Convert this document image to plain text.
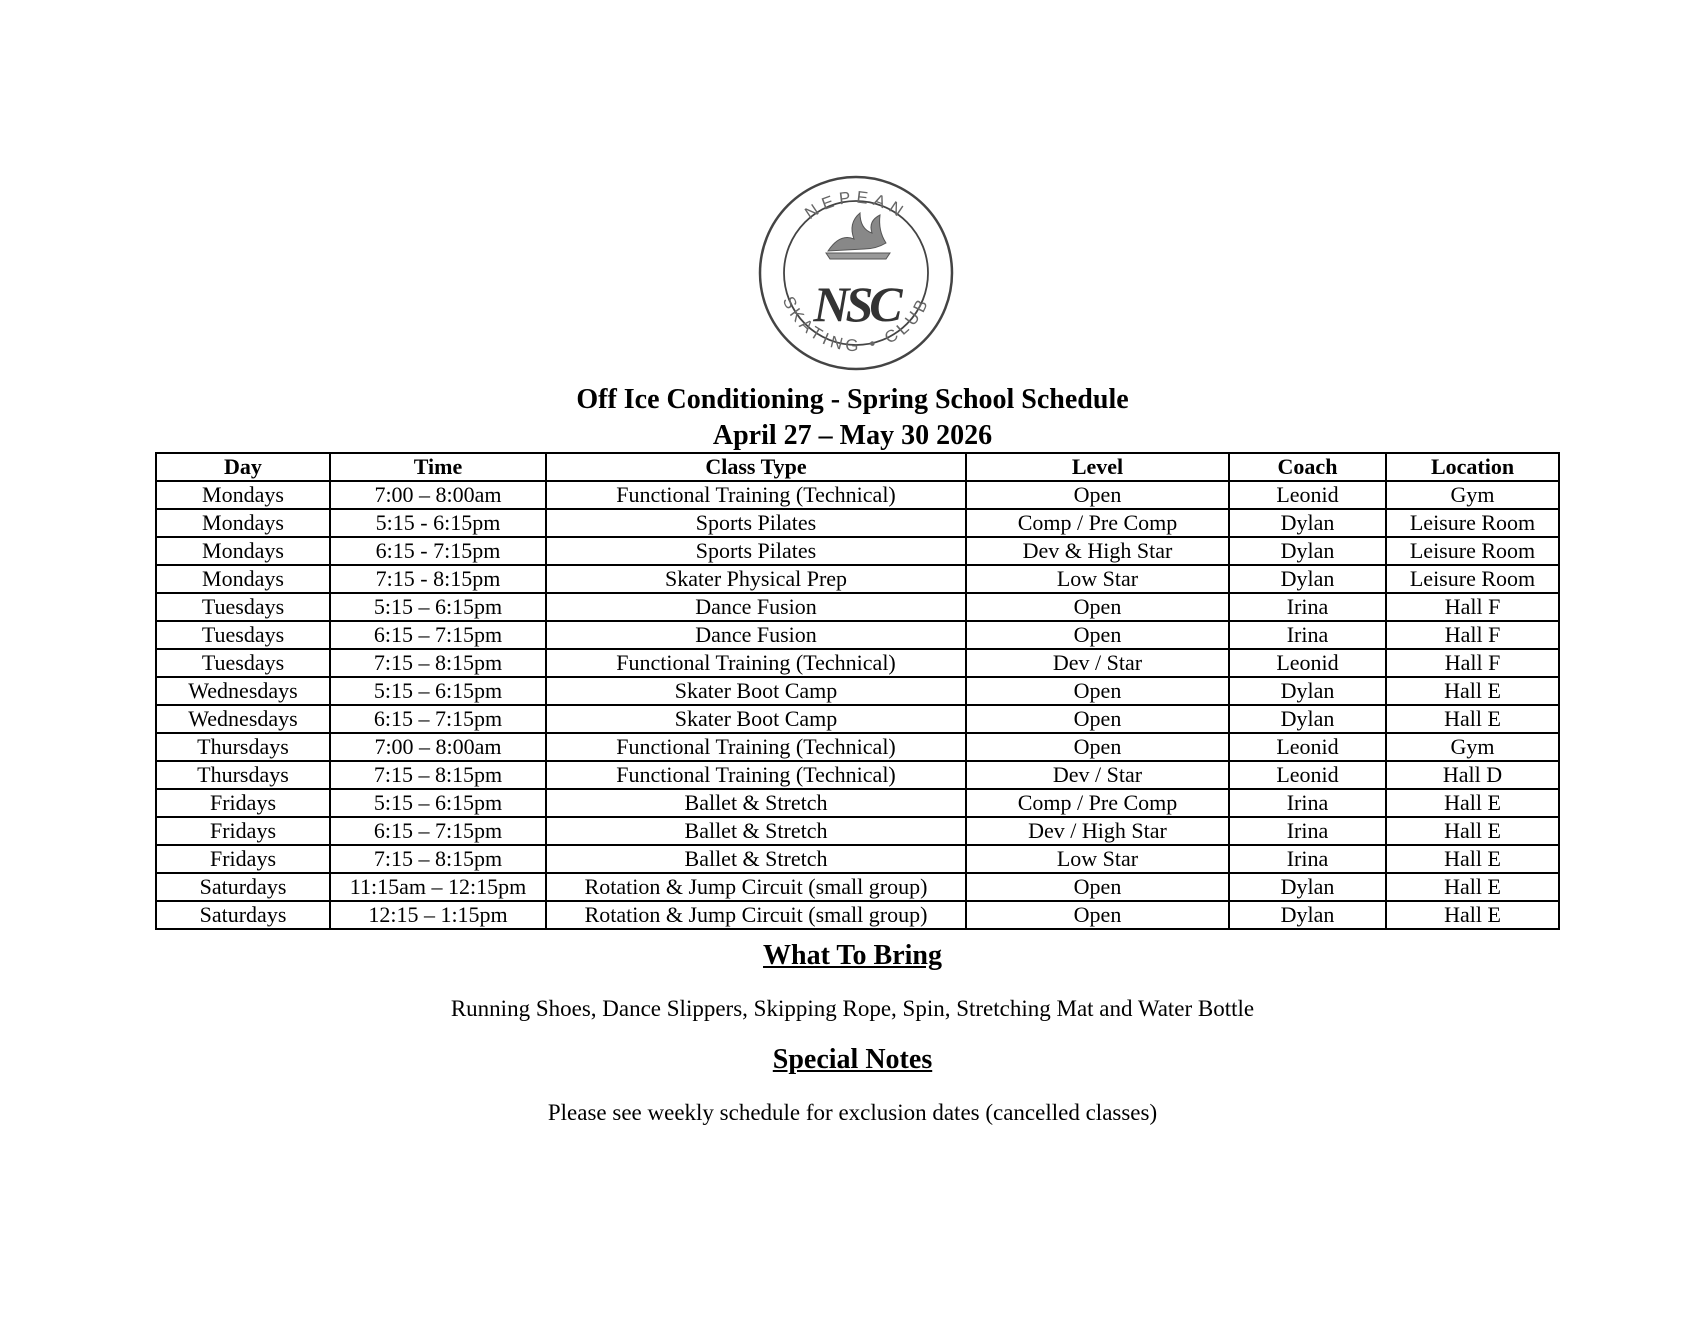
NEPEAN
SKATING • CLUB
NSC
Off Ice Conditioning - Spring School Schedule
April 27 – May 30 2026
Day	Time	Class Type	Level	Coach	Location
Mondays	7:00 – 8:00am	Functional Training (Technical)	Open	Leonid	Gym
Mondays	5:15 - 6:15pm	Sports Pilates	Comp / Pre Comp	Dylan	Leisure Room
Mondays	6:15 - 7:15pm	Sports Pilates	Dev & High Star	Dylan	Leisure Room
Mondays	7:15 - 8:15pm	Skater Physical Prep	Low Star	Dylan	Leisure Room
Tuesdays	5:15 – 6:15pm	Dance Fusion	Open	Irina	Hall F
Tuesdays	6:15 – 7:15pm	Dance Fusion	Open	Irina	Hall F
Tuesdays	7:15 – 8:15pm	Functional Training (Technical)	Dev / Star	Leonid	Hall F
Wednesdays	5:15 – 6:15pm	Skater Boot Camp	Open	Dylan	Hall E
Wednesdays	6:15 – 7:15pm	Skater Boot Camp	Open	Dylan	Hall E
Thursdays	7:00 – 8:00am	Functional Training (Technical)	Open	Leonid	Gym
Thursdays	7:15 – 8:15pm	Functional Training (Technical)	Dev / Star	Leonid	Hall D
Fridays	5:15 – 6:15pm	Ballet & Stretch	Comp / Pre Comp	Irina	Hall E
Fridays	6:15 – 7:15pm	Ballet & Stretch	Dev / High Star	Irina	Hall E
Fridays	7:15 – 8:15pm	Ballet & Stretch	Low Star	Irina	Hall E
Saturdays	11:15am – 12:15pm	Rotation & Jump Circuit (small group)	Open	Dylan	Hall E
Saturdays	12:15 – 1:15pm	Rotation & Jump Circuit (small group)	Open	Dylan	Hall E
What To Bring
Running Shoes, Dance Slippers, Skipping Rope, Spin, Stretching Mat and Water Bottle
Special Notes
Please see weekly schedule for exclusion dates (cancelled classes)
